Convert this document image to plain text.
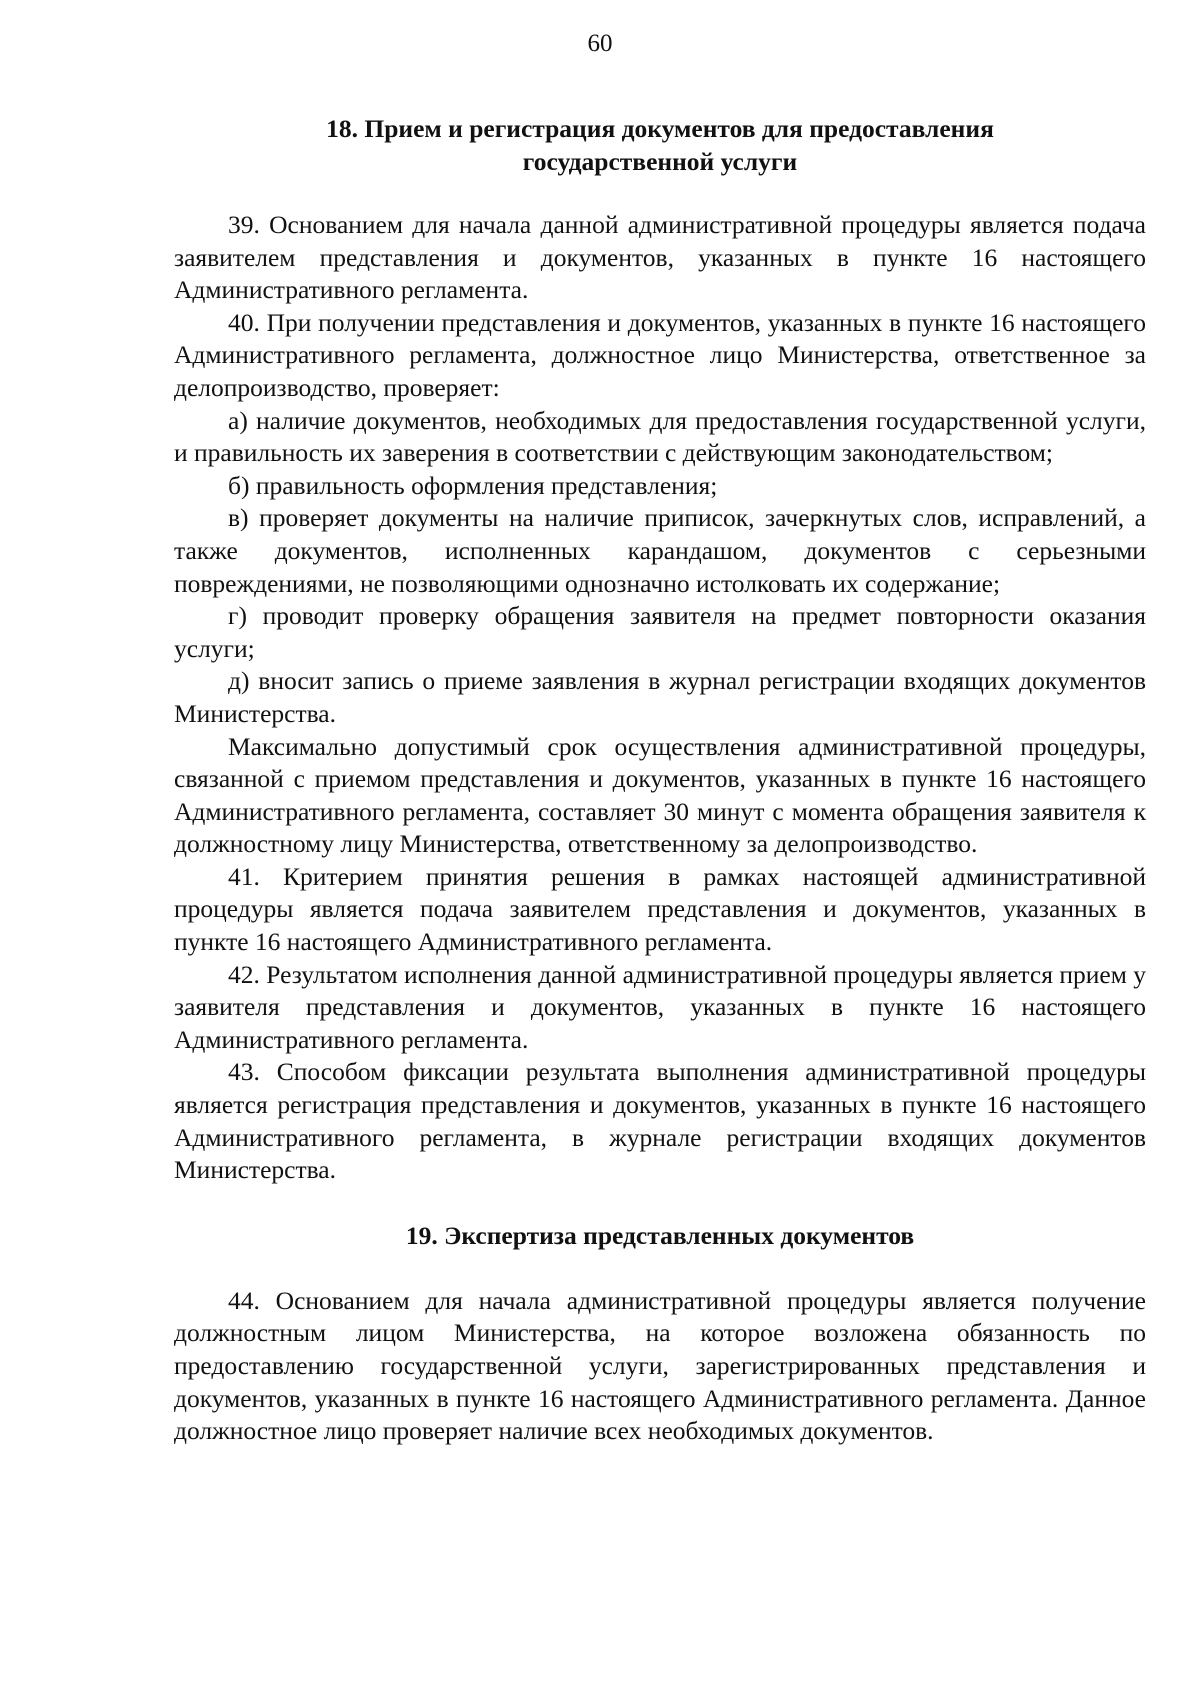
60
18. Прием и регистрация документов для предоставления
государственной услуги

39. Основанием для начала данной административной процедуры является подача заявителем представления и документов, указанных в пункте 16 настоящего Административного регламента.

40. При получении представления и документов, указанных в пункте 16 настоящего Административного регламента, должностное лицо Министерства, ответственное за делопроизводство, проверяет:

а) наличие документов, необходимых для предоставления государственной услуги, и правильность их заверения в соответствии с действующим законодательством;

б) правильность оформления представления;

в) проверяет документы на наличие приписок, зачеркнутых слов, исправлений, а также документов, исполненных карандашом, документов с серьезными повреждениями, не позволяющими однозначно истолковать их содержание;

г) проводит проверку обращения заявителя на предмет повторности оказания услуги;

д) вносит запись о приеме заявления в журнал регистрации входящих документов Министерства.

Максимально допустимый срок осуществления административной процедуры, связанной с приемом представления и документов, указанных в пункте 16 настоящего Административного регламента, составляет 30 минут с момента обращения заявителя к должностному лицу Министерства, ответственному за делопроизводство.

41. Критерием принятия решения в рамках настоящей административной процедуры является подача заявителем представления и документов, указанных в пункте 16 настоящего Административного регламента.

42. Результатом исполнения данной административной процедуры является прием у заявителя представления и документов, указанных в пункте 16 настоящего Административного регламента.

43. Способом фиксации результата выполнения административной процедуры является регистрация представления и документов, указанных в пункте 16 настоящего Административного регламента, в журнале регистрации входящих документов Министерства.

19. Экспертиза представленных документов

44. Основанием для начала административной процедуры является получение должностным лицом Министерства, на которое возложена обязанность по предоставлению государственной услуги, зарегистрированных представления и документов, указанных в пункте 16 настоящего Административного регламента. Данное должностное лицо проверяет наличие всех необходимых документов.
